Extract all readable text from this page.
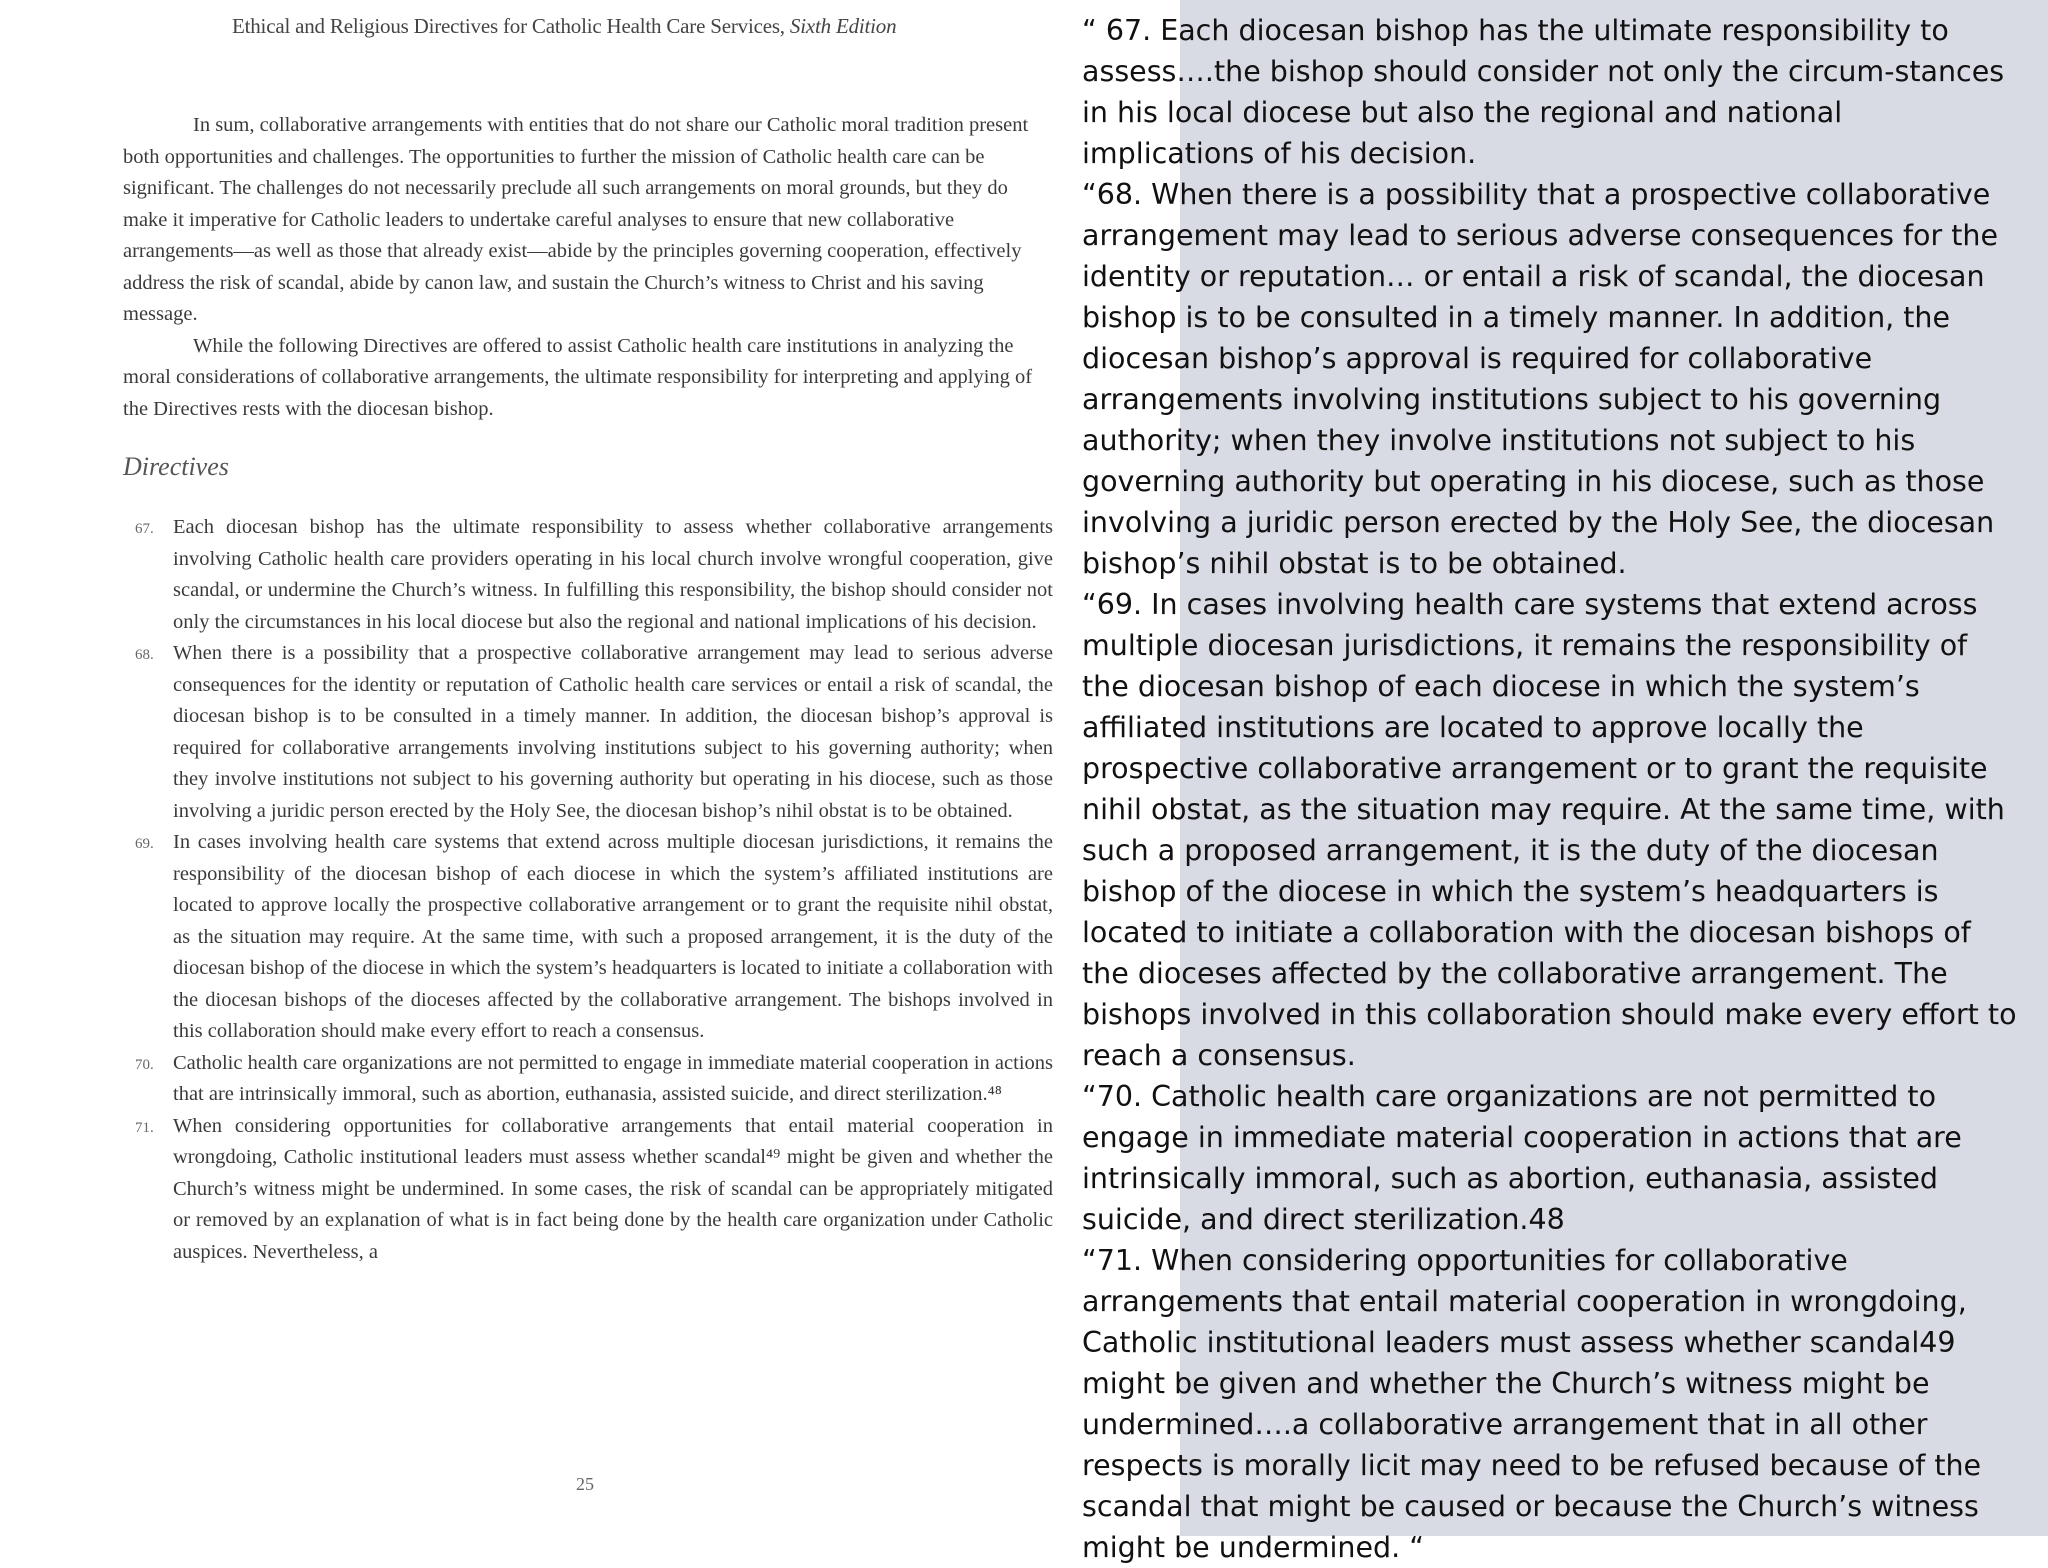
Ethical and Religious Directives for Catholic Health Care Services, Sixth Edition

In sum, collaborative arrangements with entities that do not share our Catholic moral tradition present both opportunities and challenges. The opportunities to further the mission of Catholic health care can be significant. The challenges do not necessarily preclude all such arrangements on moral grounds, but they do make it imperative for Catholic leaders to undertake careful analyses to ensure that new collaborative arrangements—as well as those that already exist—abide by the principles governing cooperation, effectively address the risk of scandal, abide by canon law, and sustain the Church’s witness to Christ and his saving message.

While the following Directives are offered to assist Catholic health care institutions in analyzing the moral considerations of collaborative arrangements, the ultimate responsibility for interpreting and applying of the Directives rests with the diocesan bishop.

Directives
67. Each diocesan bishop has the ultimate responsibility to assess whether collaborative arrangements involving Catholic health care providers operating in his local church involve wrongful cooperation, give scandal, or undermine the Church’s witness. In fulfilling this responsibility, the bishop should consider not only the circumstances in his local diocese but also the regional and national implications of his decision.
68. When there is a possibility that a prospective collaborative arrangement may lead to serious adverse consequences for the identity or reputation of Catholic health care services or entail a risk of scandal, the diocesan bishop is to be consulted in a timely manner. In addition, the diocesan bishop’s approval is required for collaborative arrangements involving institutions subject to his governing authority; when they involve institutions not subject to his governing authority but operating in his diocese, such as those involving a juridic person erected by the Holy See, the diocesan bishop’s nihil obstat is to be obtained.
69. In cases involving health care systems that extend across multiple diocesan jurisdictions, it remains the responsibility of the diocesan bishop of each diocese in which the system’s affiliated institutions are located to approve locally the prospective collaborative arrangement or to grant the requisite nihil obstat, as the situation may require. At the same time, with such a proposed arrangement, it is the duty of the diocesan bishop of the diocese in which the system’s headquarters is located to initiate a collaboration with the diocesan bishops of the dioceses affected by the collaborative arrangement. The bishops involved in this collaboration should make every effort to reach a consensus.
70. Catholic health care organizations are not permitted to engage in immediate material cooperation in actions that are intrinsically immoral, such as abortion, euthanasia, assisted suicide, and direct sterilization.⁴⁸
71. When considering opportunities for collaborative arrangements that entail material cooperation in wrongdoing, Catholic institutional leaders must assess whether scandal⁴⁹ might be given and whether the Church’s witness might be undermined. In some cases, the risk of scandal can be appropriately mitigated or removed by an explanation of what is in fact being done by the health care organization under Catholic auspices. Nevertheless, a
25

“ 67. Each diocesan bishop has the ultimate responsibility to assess….the bishop should consider not only the circum-stances in his local diocese but also the regional and national implications of his decision.

“68. When there is a possibility that a prospective collaborative arrangement may lead to serious adverse consequences for the identity or reputation… or entail a risk of scandal, the diocesan bishop is to be consulted in a timely manner. In addition, the diocesan bishop’s approval is required for collaborative arrangements involving institutions subject to his governing authority; when they involve institutions not subject to his governing authority but operating in his diocese, such as those involving a juridic person erected by the Holy See, the diocesan bishop’s nihil obstat is to be obtained.

“69. In cases involving health care systems that extend across multiple diocesan jurisdictions, it remains the responsibility of the diocesan bishop of each diocese in which the system’s affiliated institutions are located to approve locally the prospective collaborative arrangement or to grant the requisite nihil obstat, as the situation may require. At the same time, with such a proposed arrangement, it is the duty of the diocesan bishop of the diocese in which the system’s headquarters is located to initiate a collaboration with the diocesan bishops of the dioceses affected by the collaborative arrangement. The bishops involved in this collaboration should make every effort to reach a consensus.

“70. Catholic health care organizations are not permitted to engage in immediate material cooperation in actions that are intrinsically immoral, such as abortion, euthanasia, assisted suicide, and direct sterilization.48

“71. When considering opportunities for collaborative arrangements that entail material cooperation in wrongdoing, Catholic institutional leaders must assess whether scandal49 might be given and whether the Church’s witness might be undermined….a collaborative arrangement that in all other respects is morally licit may need to be refused because of the scandal that might be caused or because the Church’s witness might be undermined. “
